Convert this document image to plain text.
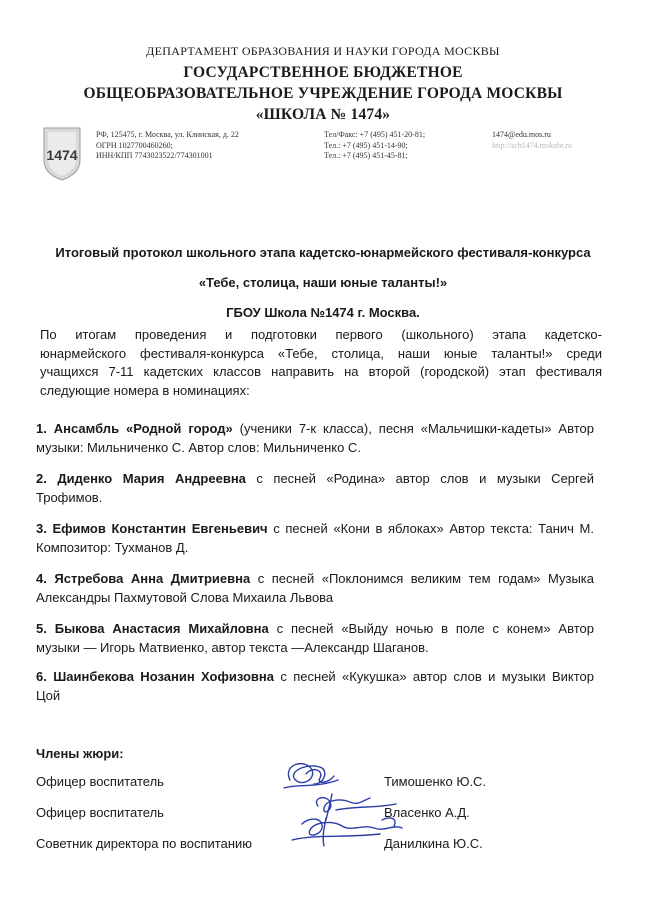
ДЕПАРТАМЕНТ ОБРАЗОВАНИЯ И НАУКИ ГОРОДА МОСКВЫ
ГОСУДАРСТВЕННОЕ БЮДЖЕТНОЕ
ОБЩЕОБРАЗОВАТЕЛЬНОЕ УЧРЕЖДЕНИЕ ГОРОДА МОСКВЫ
«ШКОЛА № 1474»
1474
РФ, 125475, г. Москва, ул. Клинская, д. 22
ОГРН 1027700460260;
ИНН/КПП 7743023522/774301001
Тел/Факс: +7 (495) 451-20-81;
Тел.: +7 (495) 451-14-90;
Тел.: +7 (495) 451-45-81;
1474@edu.mos.ru
http://sch1474.mskobr.ru
Итоговый протокол школьного этапа кадетско-юнармейского фестиваля-конкурса
«Тебе, столица, наши юные таланты!»
ГБОУ Школа №1474 г. Москва.
По итогам проведения и подготовки первого (школьного) этапа кадетско-
юнармейского фестиваля-конкурса «Тебе, столица, наши юные таланты!» среди
учащихся 7-11 кадетских классов направить на второй (городской) этап фестиваля
следующие номера в номинациях:
1. Ансамбль «Родной город» (ученики 7-к класса), песня «Мальчишки-кадеты» Автор
музыки: Мильниченко С. Автор слов: Мильниченко С.
2. Диденко Мария Андреевна с песней «Родина» автор слов и музыки Сергей
Трофимов.
3. Ефимов Константин Евгеньевич с песней «Кони в яблоках» Автор текста: Танич М.
Композитор: Тухманов Д.
4. Ястребова Анна Дмитриевна с песней «Поклонимся великим тем годам» Музыка
Александры Пахмутовой Слова Михаила Львова
5. Быкова Анастасия Михайловна с песней «Выйду ночью в поле с конем» Автор
музыки — Игорь Матвиенко, автор текста —Александр Шаганов.
6. Шаинбекова Нозанин Хофизовна с песней «Кукушка» автор слов и музыки Виктор
Цой
Члены жюри:
Офицер воспитатель	Тимошенко Ю.С.
Офицер воспитатель	Власенко А.Д.
Советник директора по воспитанию	Данилкина Ю.С.
